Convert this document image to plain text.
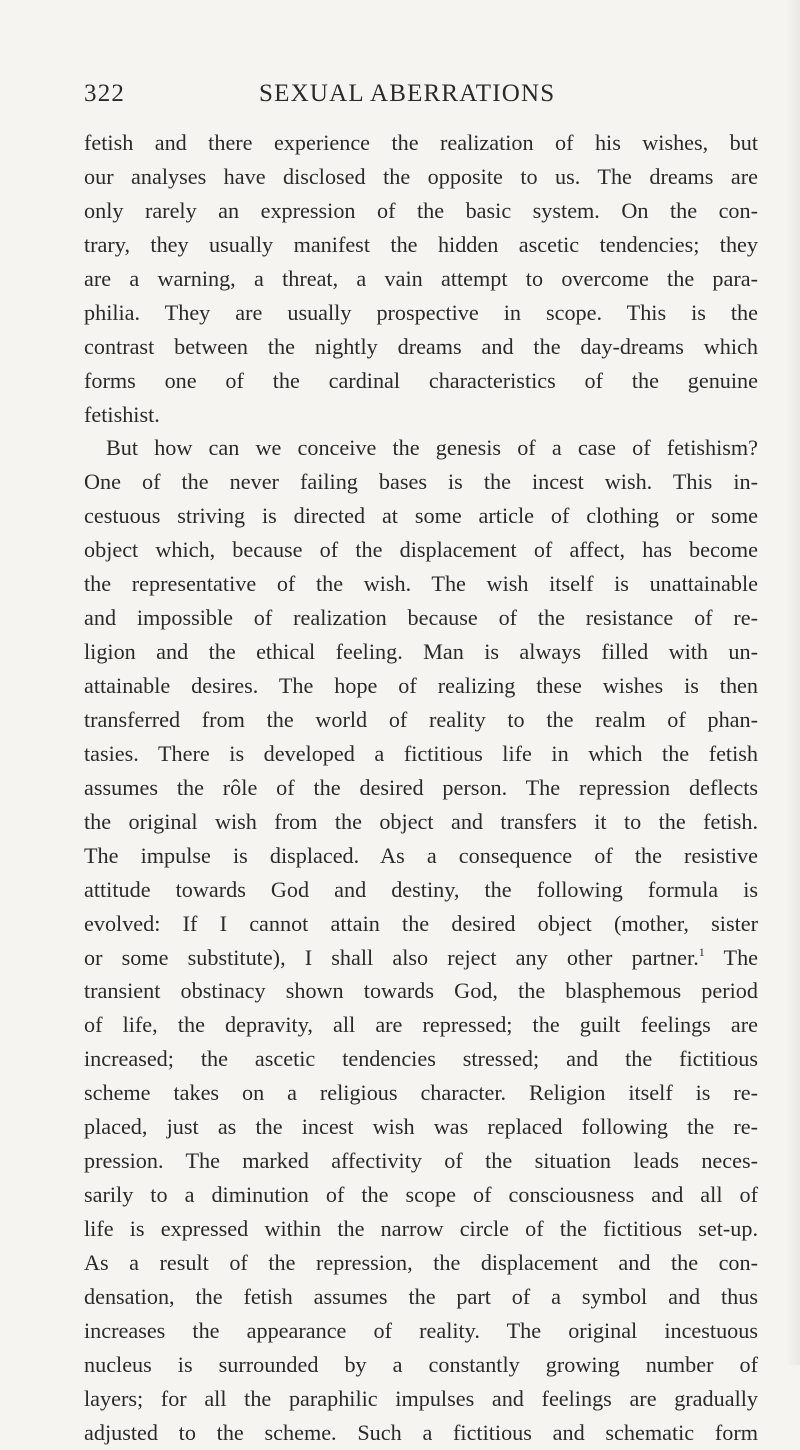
322	SEXUAL ABERRATIONS
fetish and there experience the realization of his wishes, but
our analyses have disclosed the opposite to us. The dreams are
only rarely an expression of the basic system. On the con-
trary, they usually manifest the hidden ascetic tendencies; they
are a warning, a threat, a vain attempt to overcome the para-
philia. They are usually prospective in scope. This is the
contrast between the nightly dreams and the day-dreams which
forms one of the cardinal characteristics of the genuine
fetishist.
But how can we conceive the genesis of a case of fetishism?
One of the never failing bases is the incest wish. This in-
cestuous striving is directed at some article of clothing or some
object which, because of the displacement of affect, has become
the representative of the wish. The wish itself is unattainable
and impossible of realization because of the resistance of re-
ligion and the ethical feeling. Man is always filled with un-
attainable desires. The hope of realizing these wishes is then
transferred from the world of reality to the realm of phan-
tasies. There is developed a fictitious life in which the fetish
assumes the rôle of the desired person. The repression deflects
the original wish from the object and transfers it to the fetish.
The impulse is displaced. As a consequence of the resistive
attitude towards God and destiny, the following formula is
evolved: If I cannot attain the desired object (mother, sister
or some substitute), I shall also reject any other partner.$^1$ The
transient obstinacy shown towards God, the blasphemous period
of life, the depravity, all are repressed; the guilt feelings are
increased; the ascetic tendencies stressed; and the fictitious
scheme takes on a religious character. Religion itself is re-
placed, just as the incest wish was replaced following the re-
pression. The marked affectivity of the situation leads neces-
sarily to a diminution of the scope of consciousness and all of
life is expressed within the narrow circle of the fictitious set-up.
As a result of the repression, the displacement and the con-
densation, the fetish assumes the part of a symbol and thus
increases the appearance of reality. The original incestuous
nucleus is surrounded by a constantly growing number of
layers; for all the paraphilic impulses and feelings are gradually
adjusted to the scheme. Such a fictitious and schematic form
